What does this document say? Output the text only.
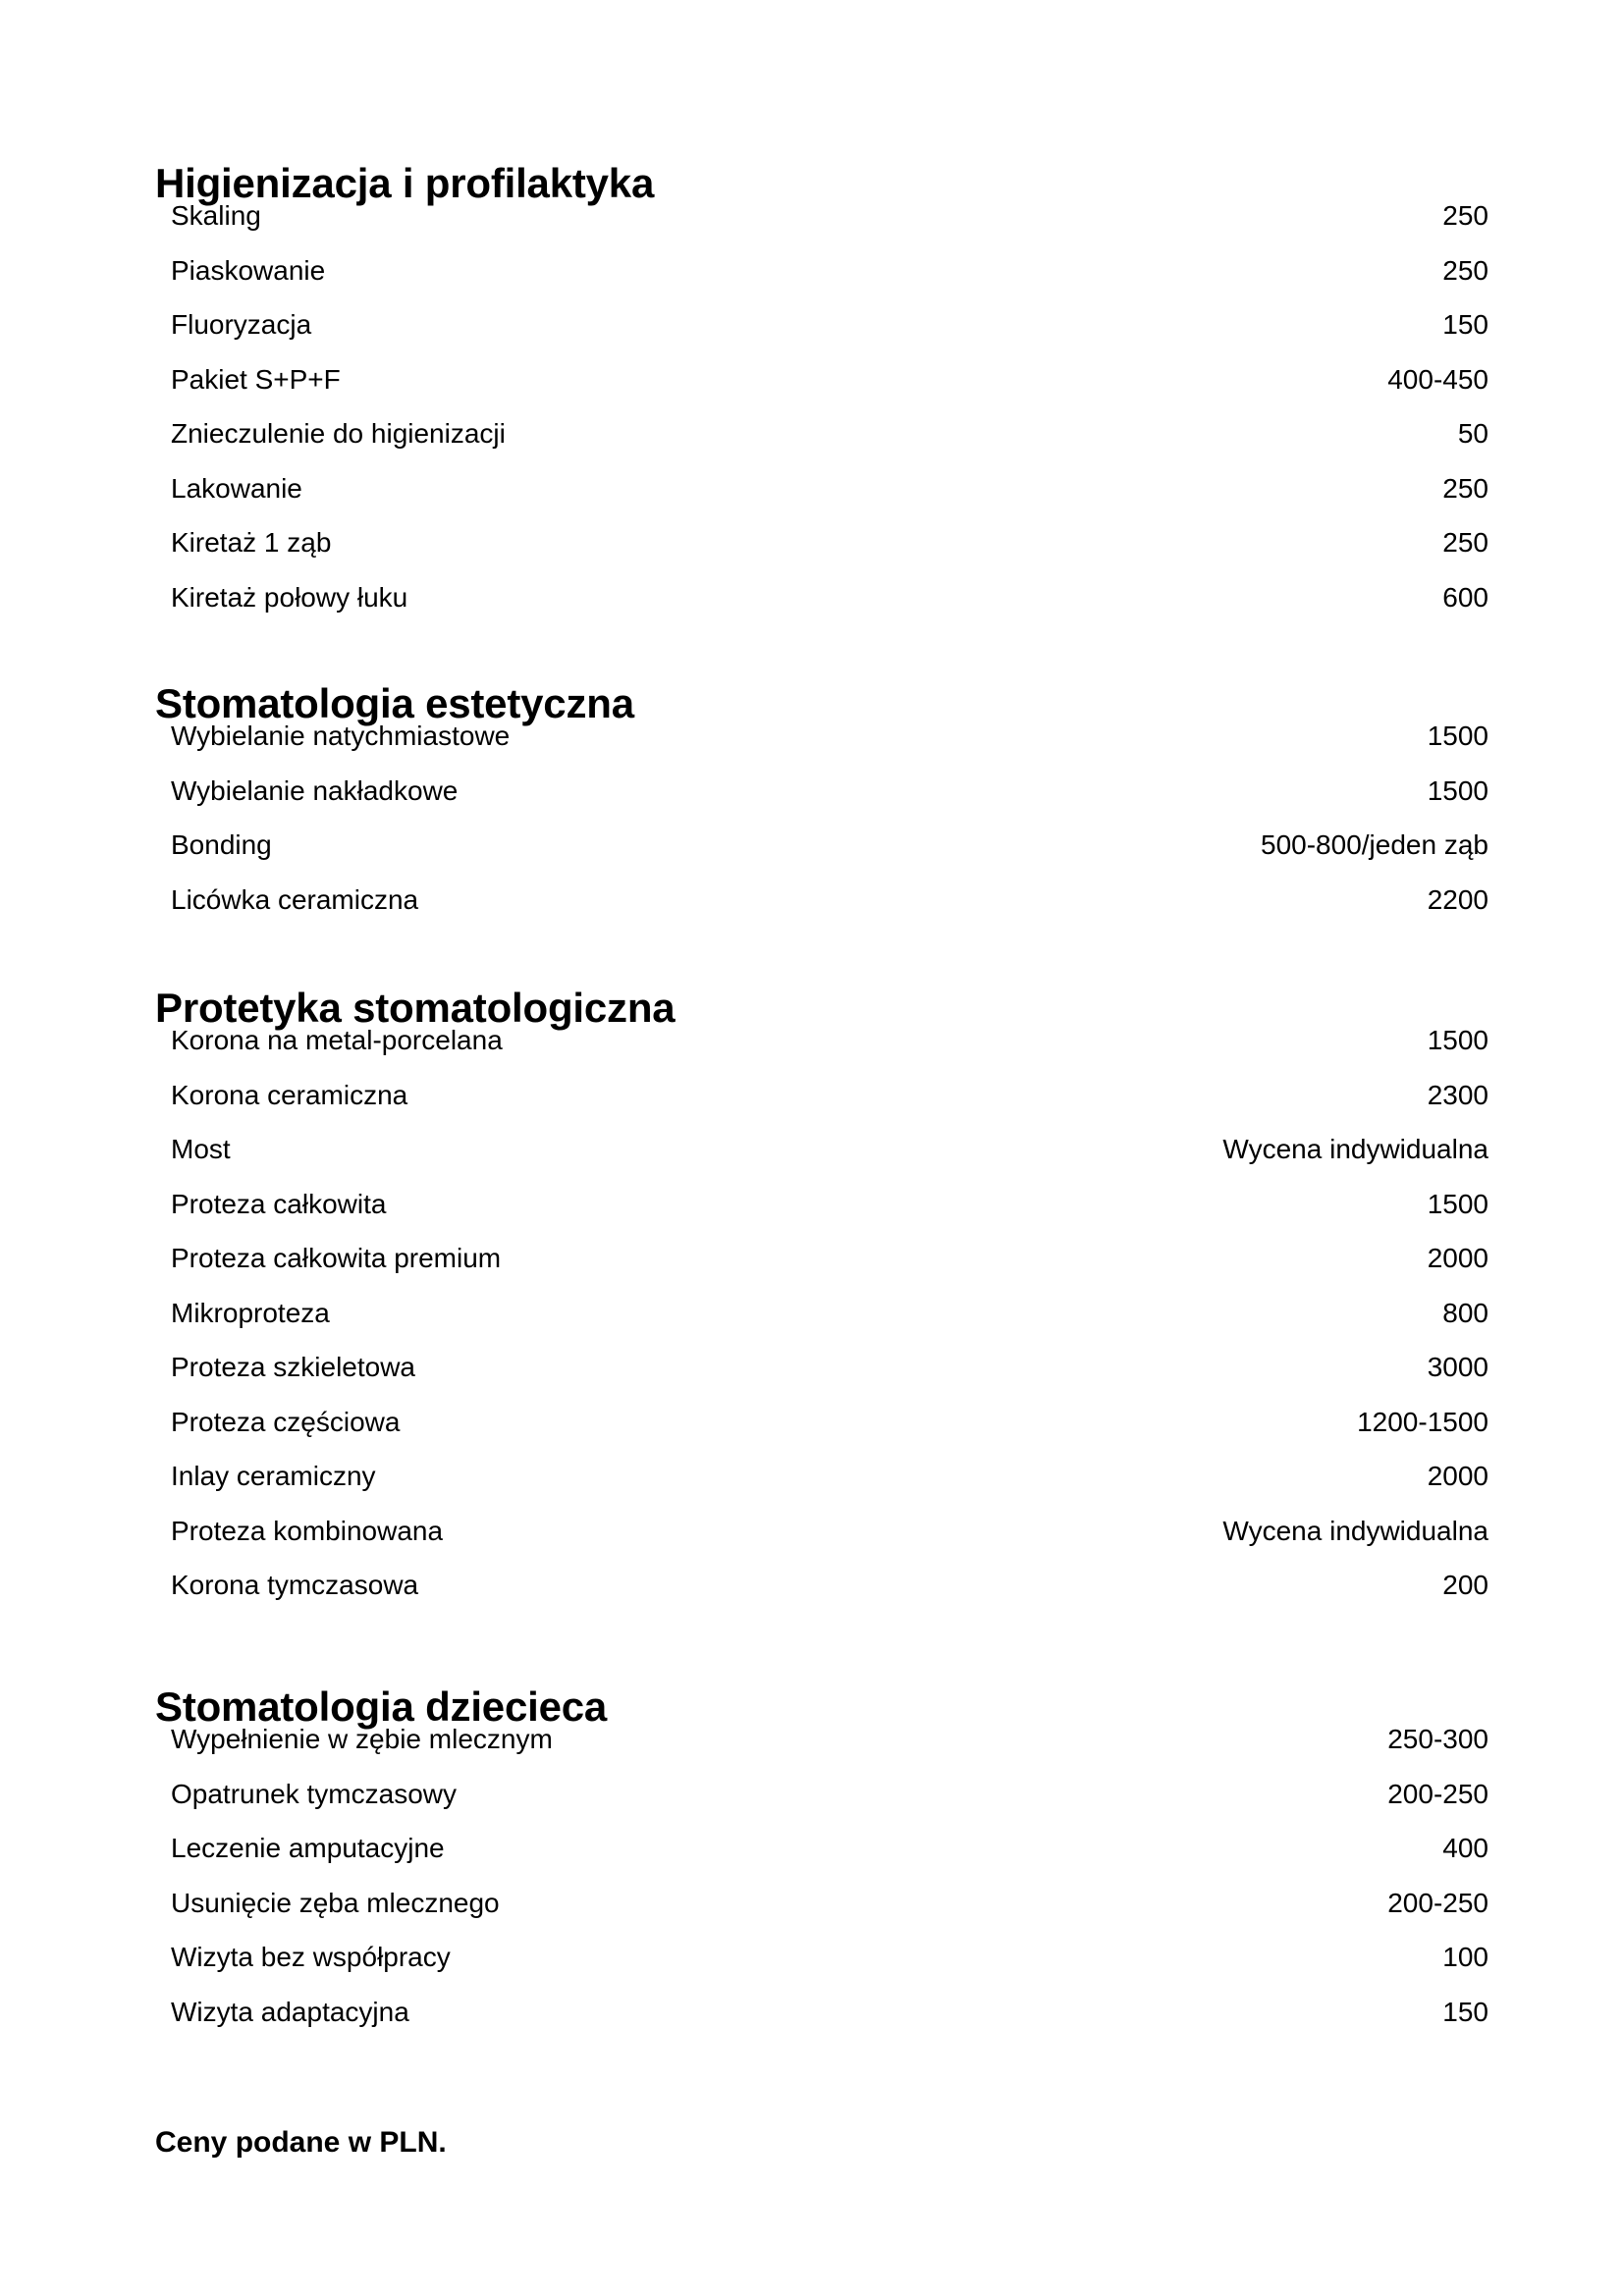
Higienizacja i profilaktyka
Skaling	250
Piaskowanie	250
Fluoryzacja	150
Pakiet S+P+F	400-450
Znieczulenie do higienizacji	50
Lakowanie	250
Kiretaż 1 ząb	250
Kiretaż połowy łuku	600
Stomatologia estetyczna
Wybielanie natychmiastowe	1500
Wybielanie nakładkowe	1500
Bonding	500-800/jeden ząb
Licówka ceramiczna	2200
Protetyka stomatologiczna
Korona na metal-porcelana	1500
Korona ceramiczna	2300
Most	Wycena indywidualna
Proteza całkowita	1500
Proteza całkowita premium	2000
Mikroproteza	800
Proteza szkieletowa	3000
Proteza częściowa	1200-1500
Inlay ceramiczny	2000
Proteza kombinowana	Wycena indywidualna
Korona tymczasowa	200
Stomatologia dziecieca
Wypełnienie w zębie mlecznym	250-300
Opatrunek tymczasowy	200-250
Leczenie amputacyjne	400
Usunięcie zęba mlecznego	200-250
Wizyta bez współpracy	100
Wizyta adaptacyjna	150

Ceny podane w PLN.
